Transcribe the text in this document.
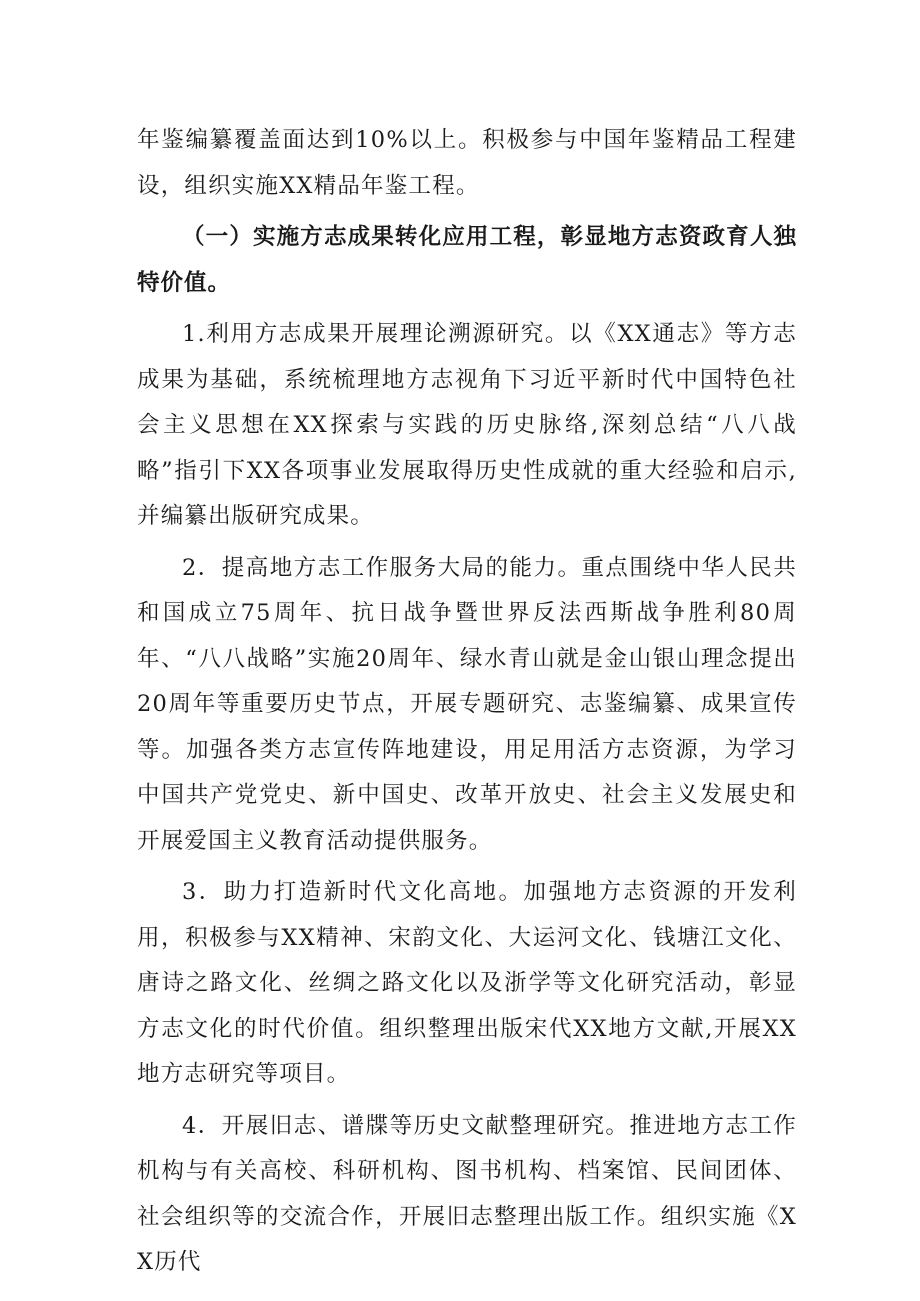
年鉴编纂覆盖面达到10%以上。积极参与中国年鉴精品工程建设，组织实施XX精品年鉴工程。

（一）实施方志成果转化应用工程，彰显地方志资政育人独特价值。

1.利用方志成果开展理论溯源研究。以《XX通志》等方志成果为基础，系统梳理地方志视角下习近平新时代中国特色社会主义思想在XX探索与实践的历史脉络,深刻总结“八八战略”指引下XX各项事业发展取得历史性成就的重大经验和启示,并编纂出版研究成果。

2．提高地方志工作服务大局的能力。重点围绕中华人民共和国成立75周年、抗日战争暨世界反法西斯战争胜利80周年、“八八战略”实施20周年、绿水青山就是金山银山理念提出20周年等重要历史节点，开展专题研究、志鉴编纂、成果宣传等。加强各类方志宣传阵地建设，用足用活方志资源，为学习中国共产党党史、新中国史、改革开放史、社会主义发展史和开展爱国主义教育活动提供服务。

3．助力打造新时代文化高地。加强地方志资源的开发利用，积极参与XX精神、宋韵文化、大运河文化、钱塘江文化、唐诗之路文化、丝绸之路文化以及浙学等文化研究活动，彰显方志文化的时代价值。组织整理出版宋代XX地方文献,开展XX地方志研究等项目。

4．开展旧志、谱牒等历史文献整理研究。推进地方志工作机构与有关高校、科研机构、图书机构、档案馆、民间团体、社会组织等的交流合作，开展旧志整理出版工作。组织实施《XX历代
